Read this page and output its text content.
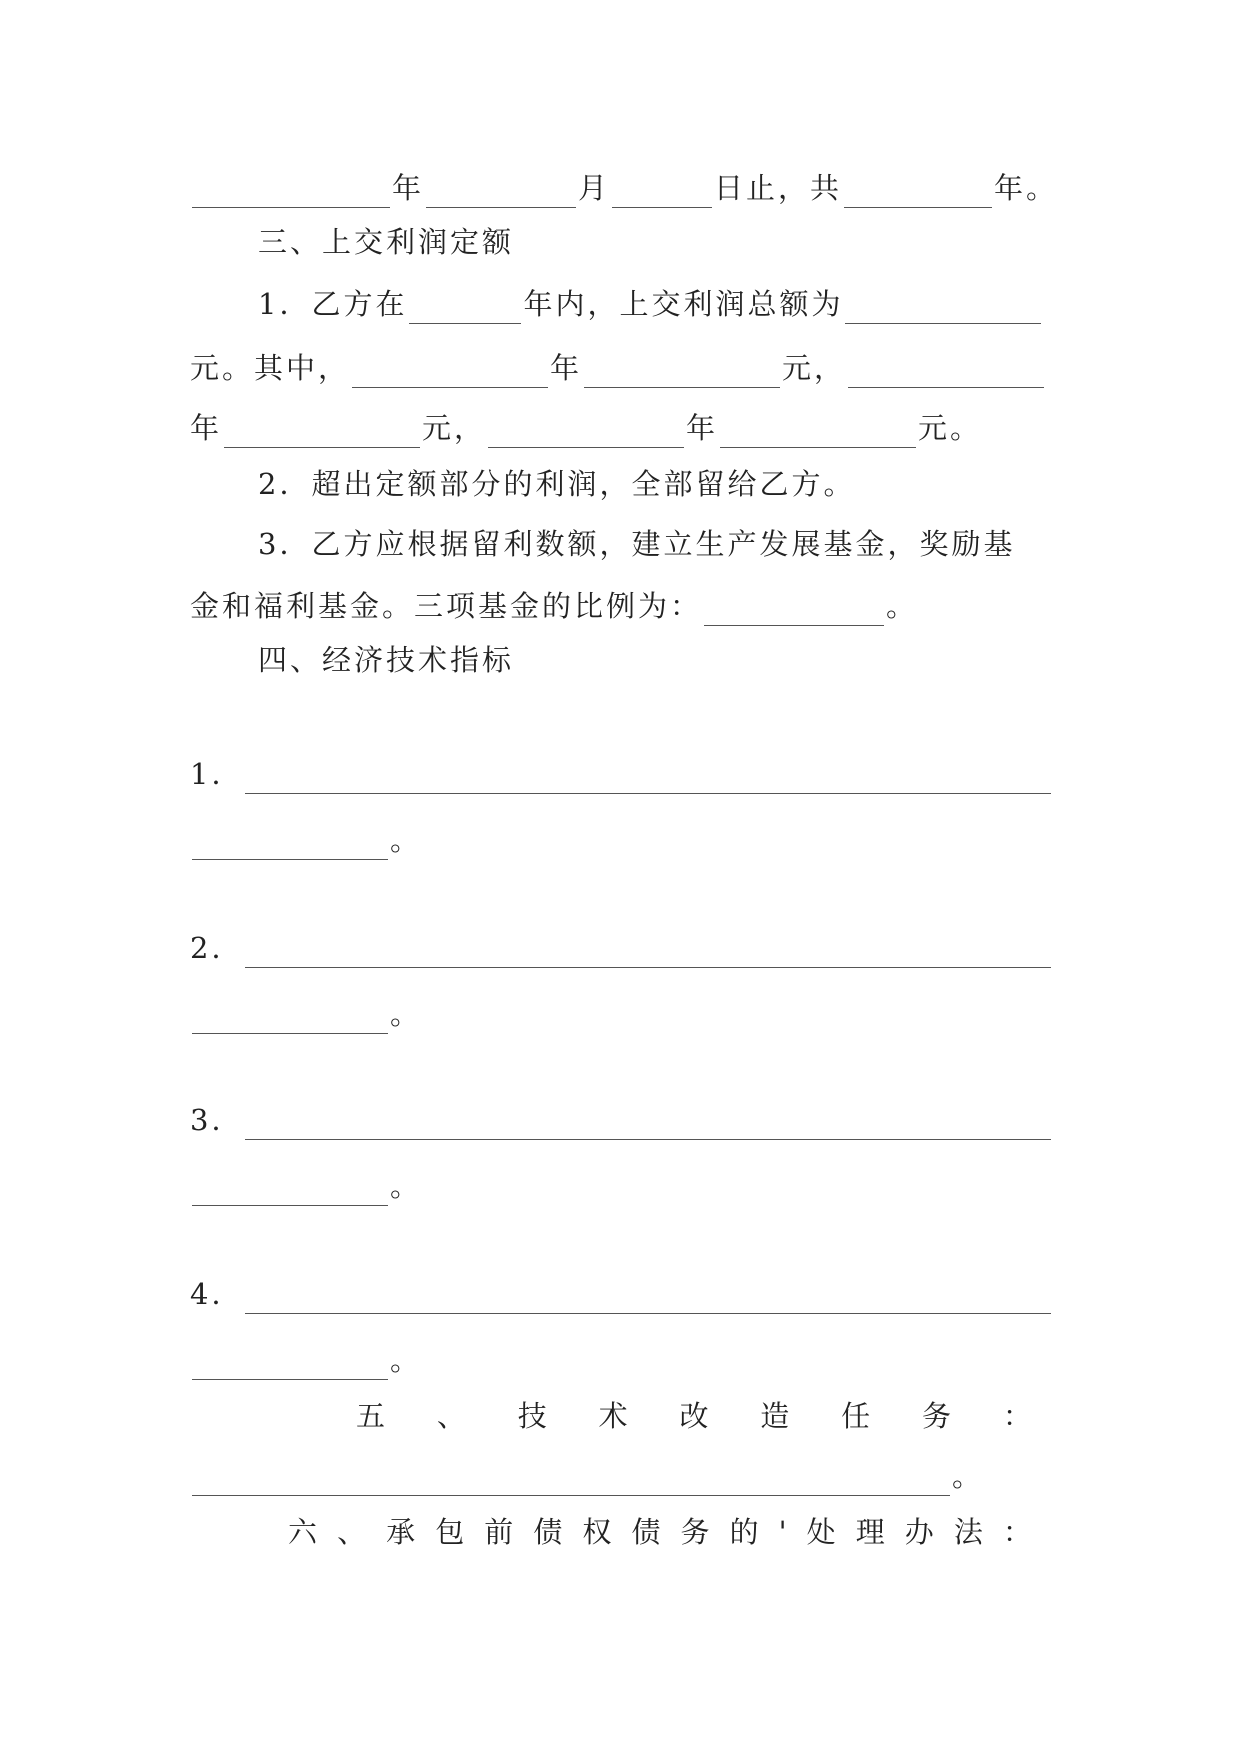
年	月	日止，共	年。
三、上交利润定额
1．乙方在	年内，上交利润总额为
元。其中，	年	元，
年	元，	年	元。
2．超出定额部分的利润，全部留给乙方。
3．乙方应根据留利数额，建立生产发展基金，奖励基
金和福利基金。三项基金的比例为：	。
四、经济技术指标
1．
。
2．
。
3．
。
4．
。
五 、 技 术 改 造 任 务 ：
。
六 、 承 包 前 债 权 债 务 的 ' 处 理 办 法 ：
